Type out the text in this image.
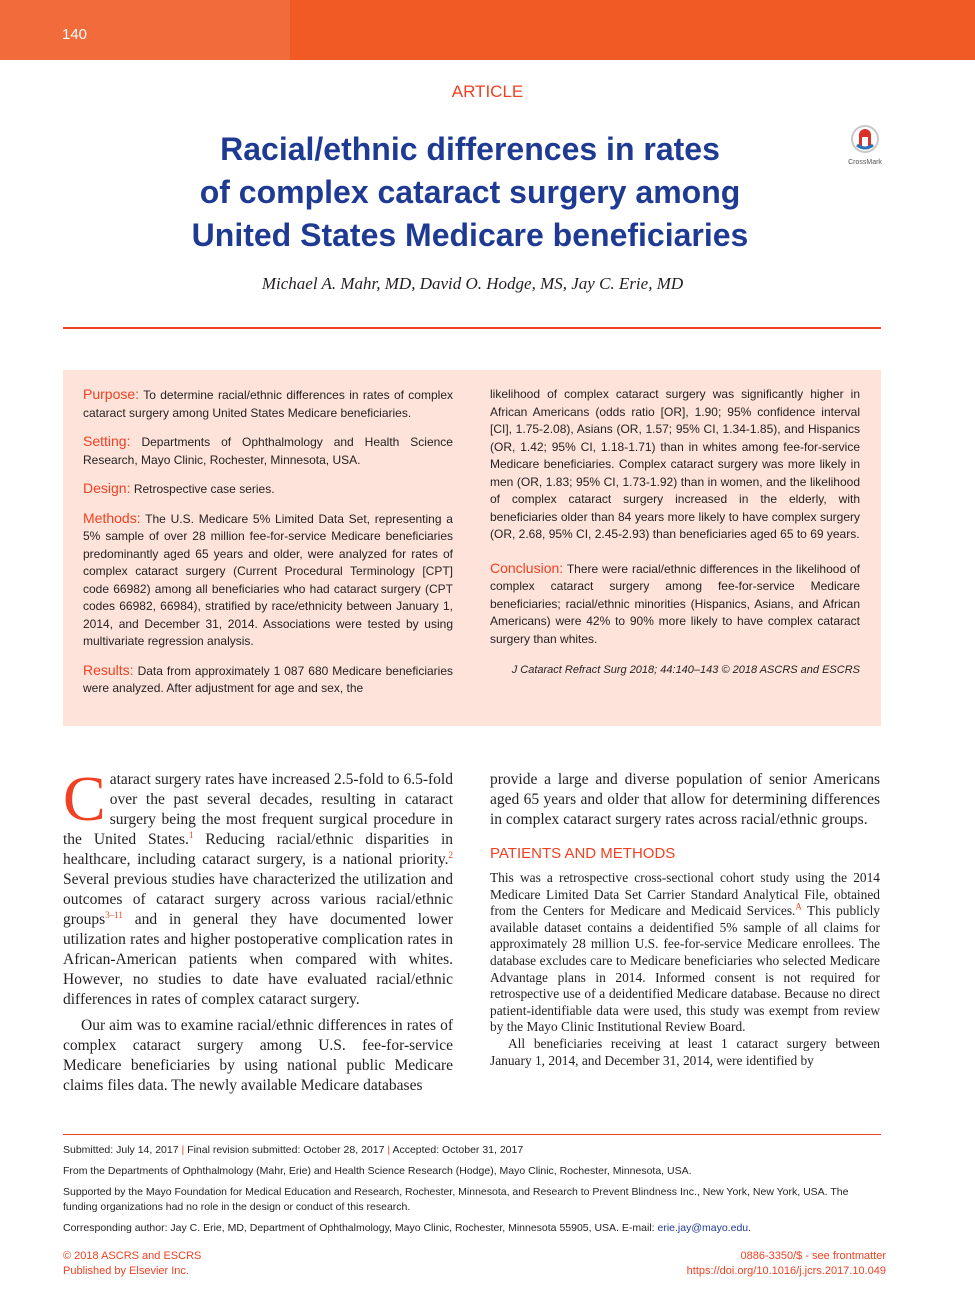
140
ARTICLE
Racial/ethnic differences in rates
of complex cataract surgery among
United States Medicare beneficiaries
CrossMark
Michael A. Mahr, MD, David O. Hodge, MS, Jay C. Erie, MD

Purpose: To determine racial/ethnic differences in rates of complex cataract surgery among United States Medicare beneficiaries.

Setting: Departments of Ophthalmology and Health Science Research, Mayo Clinic, Rochester, Minnesota, USA.

Design: Retrospective case series.

Methods: The U.S. Medicare 5% Limited Data Set, representing a 5% sample of over 28 million fee-for-service Medicare beneficiaries predominantly aged 65 years and older, were analyzed for rates of complex cataract surgery (Current Procedural Terminology [CPT] code 66982) among all beneficiaries who had cataract surgery (CPT codes 66982, 66984), stratified by race/ethnicity between January 1, 2014, and December 31, 2014. Associations were tested by using multivariate regression analysis.

Results: Data from approximately 1 087 680 Medicare beneficiaries were analyzed. After adjustment for age and sex, the

likelihood of complex cataract surgery was significantly higher in African Americans (odds ratio [OR], 1.90; 95% confidence interval [CI], 1.75-2.08), Asians (OR, 1.57; 95% CI, 1.34-1.85), and Hispanics (OR, 1.42; 95% CI, 1.18-1.71) than in whites among fee-for-service Medicare beneficiaries. Complex cataract surgery was more likely in men (OR, 1.83; 95% CI, 1.73-1.92) than in women, and the likelihood of complex cataract surgery increased in the elderly, with beneficiaries older than 84 years more likely to have complex surgery (OR, 2.68, 95% CI, 2.45-2.93) than beneficiaries aged 65 to 69 years.

Conclusion: There were racial/ethnic differences in the likelihood of complex cataract surgery among fee-for-service Medicare beneficiaries; racial/ethnic minorities (Hispanics, Asians, and African Americans) were 42% to 90% more likely to have complex cataract surgery than whites.

J Cataract Refract Surg 2018; 44:140–143 © 2018 ASCRS and ESCRS

Cataract surgery rates have increased 2.5-fold to 6.5-fold over the past several decades, resulting in cataract surgery being the most frequent surgical procedure in the United States.$^1$ Reducing racial/ethnic disparities in healthcare, including cataract surgery, is a national priority.$^2$ Several previous studies have characterized the utilization and outcomes of cataract surgery across various racial/ethnic groups$^{3-11}$ and in general they have documented lower utilization rates and higher postoperative complication rates in African-American patients when compared with whites. However, no studies to date have evaluated racial/ethnic differences in rates of complex cataract surgery.

Our aim was to examine racial/ethnic differences in rates of complex cataract surgery among U.S. fee-for-service Medicare beneficiaries by using national public Medicare claims files data. The newly available Medicare databases

provide a large and diverse population of senior Americans aged 65 years and older that allow for determining differences in complex cataract surgery rates across racial/ethnic groups.

PATIENTS AND METHODS

This was a retrospective cross-sectional cohort study using the 2014 Medicare Limited Data Set Carrier Standard Analytical File, obtained from the Centers for Medicare and Medicaid Services.$^A$ This publicly available dataset contains a deidentified 5% sample of all claims for approximately 28 million U.S. fee-for-service Medicare enrollees. The database excludes care to Medicare beneficiaries who selected Medicare Advantage plans in 2014. Informed consent is not required for retrospective use of a deidentified Medicare database. Because no direct patient-identifiable data were used, this study was exempt from review by the Mayo Clinic Institutional Review Board.

All beneficiaries receiving at least 1 cataract surgery between January 1, 2014, and December 31, 2014, were identified by

Submitted: July 14, 2017 | Final revision submitted: October 28, 2017 | Accepted: October 31, 2017

From the Departments of Ophthalmology (Mahr, Erie) and Health Science Research (Hodge), Mayo Clinic, Rochester, Minnesota, USA.

Supported by the Mayo Foundation for Medical Education and Research, Rochester, Minnesota, and Research to Prevent Blindness Inc., New York, New York, USA. The funding organizations had no role in the design or conduct of this research.

Corresponding author: Jay C. Erie, MD, Department of Ophthalmology, Mayo Clinic, Rochester, Minnesota 55905, USA. E-mail: erie.jay@mayo.edu.

© 2018 ASCRS and ESCRS
Published by Elsevier Inc.
0886-3350/$ - see frontmatter
https://doi.org/10.1016/j.jcrs.2017.10.049
